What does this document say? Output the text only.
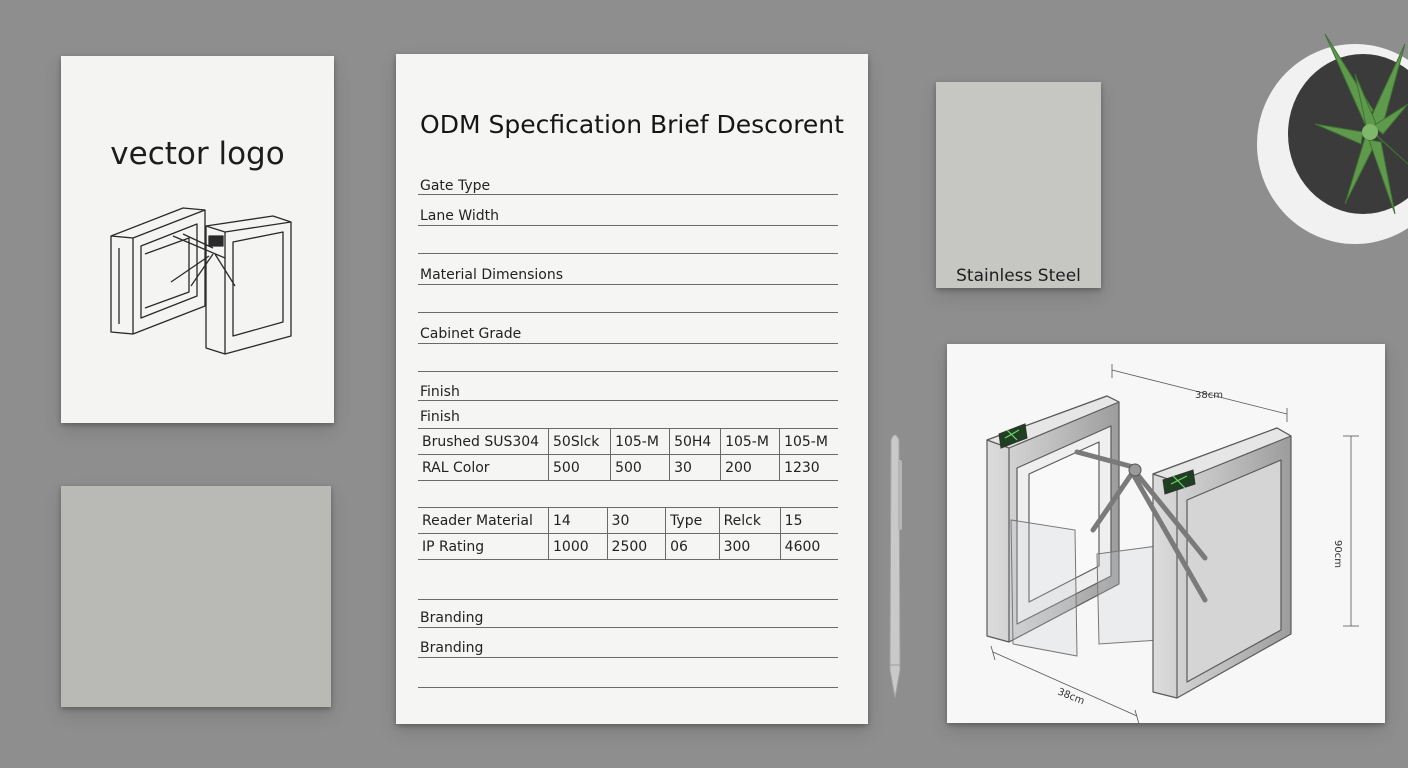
vector logo
ODM Specfication Brief Descorent
Gate Type
Lane Width
Material Dimensions
Cabinet Grade
Finish
Finish
Brushed SUS304	50Slck	105-M	50H4	105-M	105-M
RAL Color	500	500	30	200	1230
Reader Material	14	30	Type	Relck	15
IP Rating	1000	2500	06	300	4600
Branding
Branding
Stainless Steel
38cm
90cm
38cm
